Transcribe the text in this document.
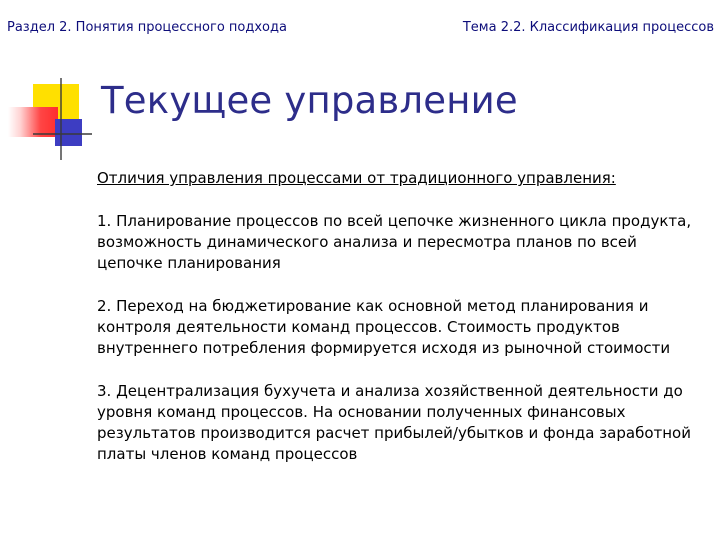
Раздел 2. Понятия процессного подхода	Тема 2.2. Классификация процессов
Текущее управление

Отличия управления процессами от традиционного управления:

1. Планирование процессов по всей цепочке жизненного цикла продукта, возможность динамического анализа и пересмотра планов по всей цепочке планирования

2. Переход на бюджетирование как основной метод планирования и контроля деятельности команд процессов. Стоимость продуктов внутреннего потребления формируется исходя из рыночной стоимости

3. Децентрализация бухучета и анализа хозяйственной деятельности до уровня команд процессов. На основании полученных финансовых результатов производится расчет прибылей/убытков и фонда заработной платы членов команд процессов
